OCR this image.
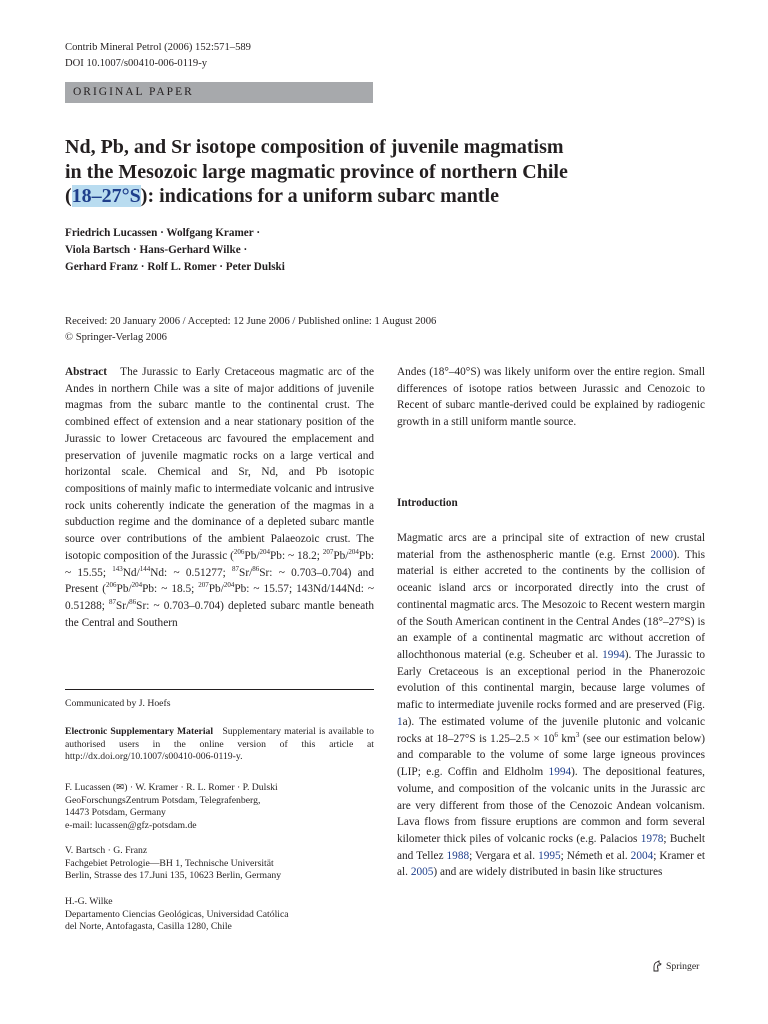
Contrib Mineral Petrol (2006) 152:571–589
DOI 10.1007/s00410-006-0119-y
ORIGINAL PAPER
Nd, Pb, and Sr isotope composition of juvenile magmatism
in the Mesozoic large magmatic province of northern Chile
(18–27°S): indications for a uniform subarc mantle
Friedrich Lucassen · Wolfgang Kramer ·
Viola Bartsch · Hans-Gerhard Wilke ·
Gerhard Franz · Rolf L. Romer · Peter Dulski
Received: 20 January 2006 / Accepted: 12 June 2006 / Published online: 1 August 2006
© Springer-Verlag 2006

Abstract The Jurassic to Early Cretaceous magmatic arc of the Andes in northern Chile was a site of major additions of juvenile magmas from the subarc mantle to the continental crust. The combined effect of extension and a near stationary position of the Jurassic to lower Cretaceous arc favoured the emplacement and preservation of juvenile magmatic rocks on a large vertical and horizontal scale. Chemical and Sr, Nd, and Pb isotopic compositions of mainly mafic to intermediate volcanic and intrusive rock units coherently indicate the generation of the magmas in a subduction regime and the dominance of a depleted subarc mantle source over contributions of the ambient Palaeozoic crust. The isotopic composition of the Jurassic ($^{206}$Pb/$^{204}$Pb: ~ 18.2; $^{207}$Pb/$^{204}$Pb: ~ 15.55; $^{143}$Nd/$^{144}$Nd: ~ 0.51277; $^{87}$Sr/$^{86}$Sr: ~ 0.703–0.704) and Present ($^{206}$Pb/$^{204}$Pb: ~ 18.5; $^{207}$Pb/$^{204}$Pb: ~ 15.57; 143Nd/144Nd: ~ 0.51288; $^{87}$Sr/$^{86}$Sr: ~ 0.703–0.704) depleted subarc mantle beneath the Central and Southern

Communicated by J. Hoefs
Electronic Supplementary Material Supplementary material is available to authorised users in the online version of this article at http://dx.doi.org/10.1007/s00410-006-0119-y.
F. Lucassen (✉) · W. Kramer · R. L. Romer · P. Dulski
GeoForschungsZentrum Potsdam, Telegrafenberg,
14473 Potsdam, Germany
e-mail: lucassen@gfz-potsdam.de
V. Bartsch · G. Franz
Fachgebiet Petrologie—BH 1, Technische Universität
Berlin, Strasse des 17.Juni 135, 10623 Berlin, Germany
H.-G. Wilke
Departamento Ciencias Geológicas, Universidad Católica
del Norte, Antofagasta, Casilla 1280, Chile

Andes (18°–40°S) was likely uniform over the entire region. Small differences of isotope ratios between Jurassic and Cenozoic to Recent of subarc mantle-derived could be explained by radiogenic growth in a still uniform mantle source.

Introduction

Magmatic arcs are a principal site of extraction of new crustal material from the asthenospheric mantle (e.g. Ernst 2000). This material is either accreted to the continents by the collision of oceanic island arcs or incorporated directly into the crust of continental magmatic arcs. The Mesozoic to Recent western margin of the South American continent in the Central Andes (18°–27°S) is an example of a continental magmatic arc without accretion of allochthonous material (e.g. Scheuber et al. 1994). The Jurassic to Early Cretaceous is an exceptional period in the Phanerozoic evolution of this continental margin, because large volumes of mafic to intermediate juvenile rocks formed and are preserved (Fig. 1a). The estimated volume of the juvenile plutonic and volcanic rocks at 18–27°S is $1.25-2.5 \times 10^6$ $km^3$ (see our estimation below) and comparable to the volume of some large igneous provinces (LIP; e.g. Coffin and Eldholm 1994). The depositional features, volume, and composition of the volcanic units in the Jurassic arc are very different from those of the Cenozoic Andean volcanism. Lava flows from fissure eruptions are common and form several kilometer thick piles of volcanic rocks (e.g. Palacios 1978; Buchelt and Tellez 1988; Vergara et al. 1995; Németh et al. 2004; Kramer et al. 2005) and are widely distributed in basin like structures

Springer
